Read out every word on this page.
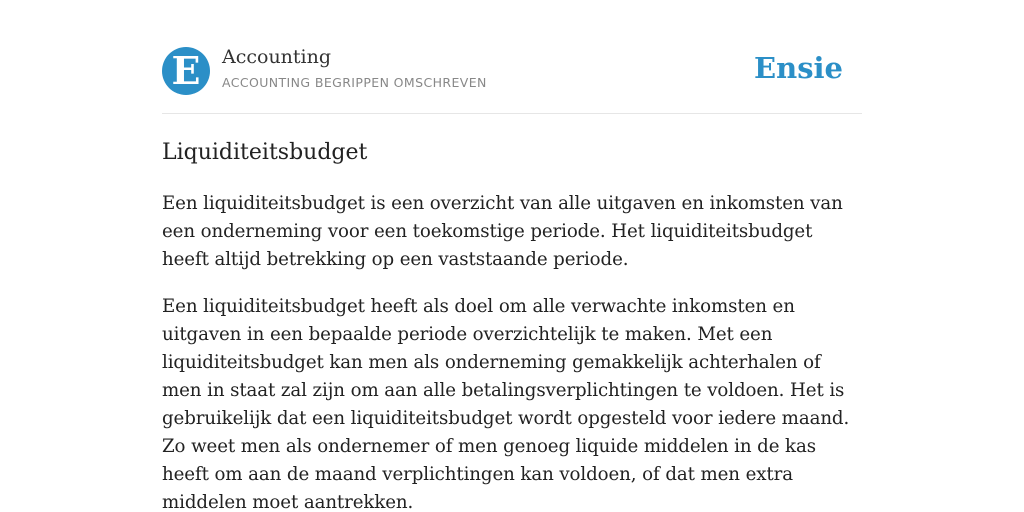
E	Accounting
ACCOUNTING BEGRIPPEN OMSCHREVEN	Ensie
Liquiditeitsbudget

Een liquiditeitsbudget is een overzicht van alle uitgaven en inkomsten van een onderneming voor een toekomstige periode. Het liquiditeitsbudget heeft altijd betrekking op een vaststaande periode.

Een liquiditeitsbudget heeft als doel om alle verwachte inkomsten en uitgaven in een bepaalde periode overzichtelijk te maken. Met een liquiditeitsbudget kan men als onderneming gemakkelijk achterhalen of men in staat zal zijn om aan alle betalingsverplichtingen te voldoen. Het is gebruikelijk dat een liquiditeitsbudget wordt opgesteld voor iedere maand. Zo weet men als ondernemer of men genoeg liquide middelen in de kas heeft om aan de maand verplichtingen kan voldoen, of dat men extra middelen moet aantrekken.
